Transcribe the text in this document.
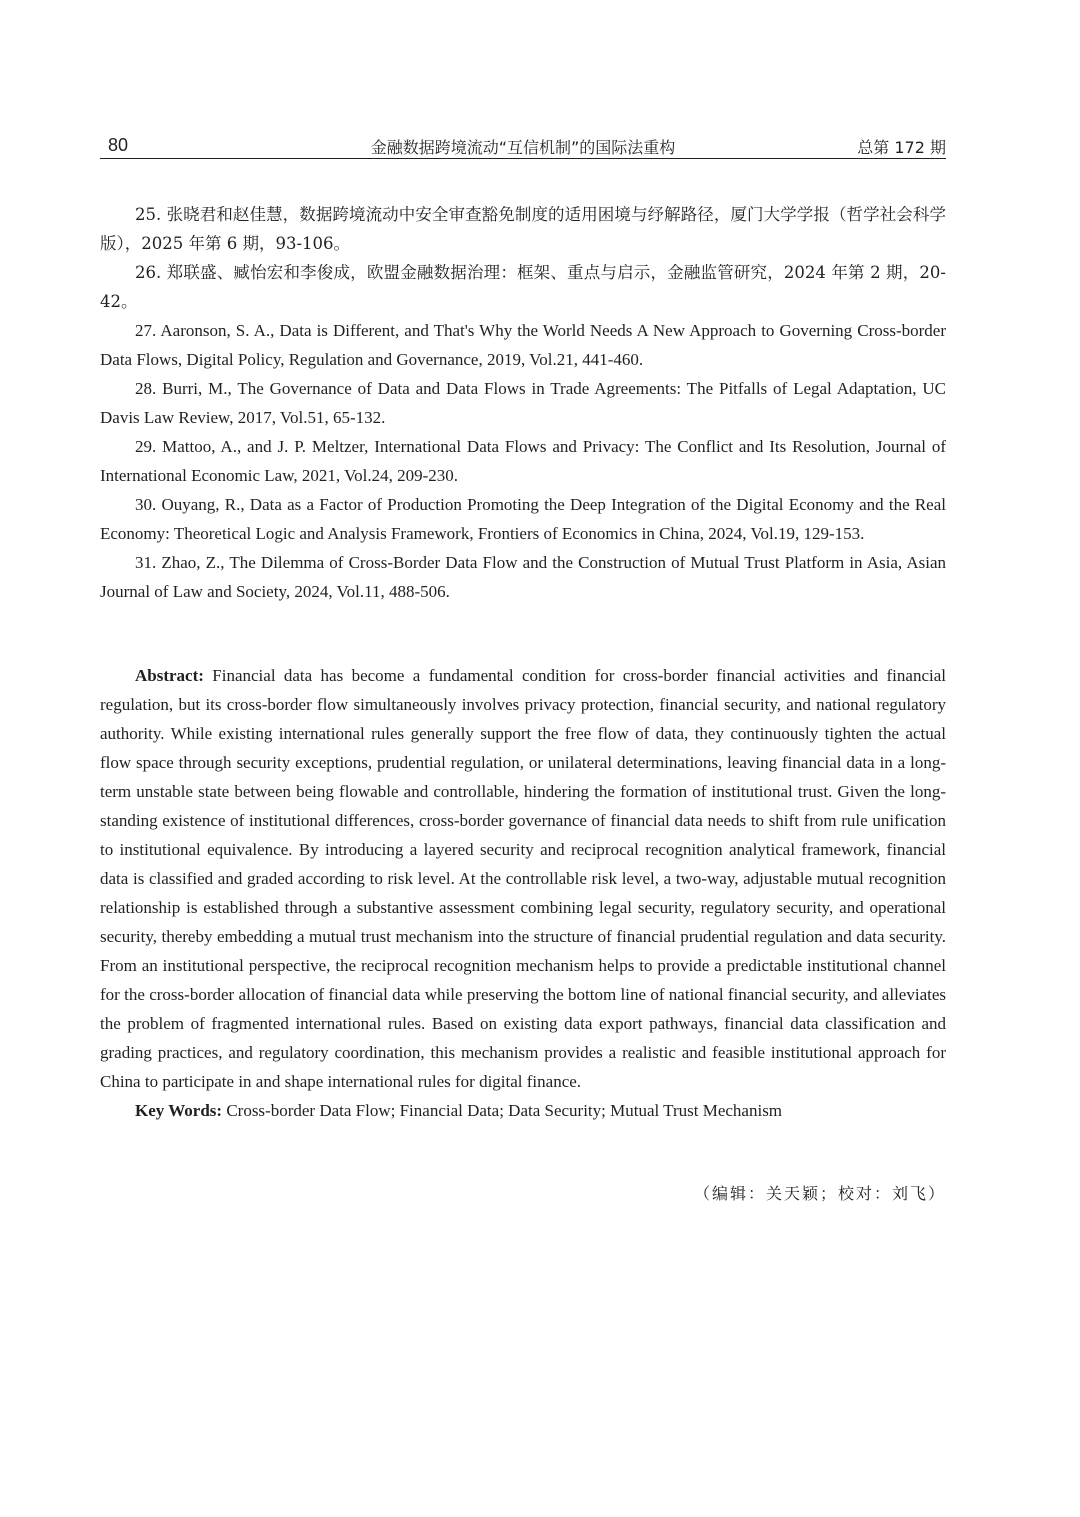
80	金融数据跨境流动“互信机制”的国际法重构	总第 172 期

25. 张晓君和赵佳慧，数据跨境流动中安全审查豁免制度的适用困境与纾解路径，厦门大学学报（哲学社会科学版），2025 年第 6 期，93-106。

26. 郑联盛、臧怡宏和李俊成，欧盟金融数据治理：框架、重点与启示，金融监管研究，2024 年第 2 期，20-42。

27. Aaronson, S. A., Data is Different, and That's Why the World Needs A New Approach to Governing Cross-border Data Flows, Digital Policy, Regulation and Governance, 2019, Vol.21, 441-460.

28. Burri, M., The Governance of Data and Data Flows in Trade Agreements: The Pitfalls of Legal Adaptation, UC Davis Law Review, 2017, Vol.51, 65-132.

29. Mattoo, A., and J. P. Meltzer, International Data Flows and Privacy: The Conflict and Its Resolution, Journal of International Economic Law, 2021, Vol.24, 209-230.

30. Ouyang, R., Data as a Factor of Production Promoting the Deep Integration of the Digital Economy and the Real Economy: Theoretical Logic and Analysis Framework, Frontiers of Economics in China, 2024, Vol.19, 129-153.

31. Zhao, Z., The Dilemma of Cross-Border Data Flow and the Construction of Mutual Trust Platform in Asia, Asian Journal of Law and Society, 2024, Vol.11, 488-506.

Abstract: Financial data has become a fundamental condition for cross-border financial activities and financial regulation, but its cross-border flow simultaneously involves privacy protection, financial security, and national regulatory authority. While existing international rules generally support the free flow of data, they continuously tighten the actual flow space through security exceptions, prudential regulation, or unilateral determinations, leaving financial data in a long-term unstable state between being flowable and controllable, hindering the formation of institutional trust. Given the long-standing existence of institutional differences, cross-border governance of financial data needs to shift from rule unification to institutional equivalence. By introducing a layered security and reciprocal recognition analytical framework, financial data is classified and graded according to risk level. At the controllable risk level, a two-way, adjustable mutual recognition relationship is established through a substantive assessment combining legal security, regulatory security, and operational security, thereby embedding a mutual trust mechanism into the structure of financial prudential regulation and data security. From an institutional perspective, the reciprocal recognition mechanism helps to provide a predictable institutional channel for the cross-border allocation of financial data while preserving the bottom line of national financial security, and alleviates the problem of fragmented international rules. Based on existing data export pathways, financial data classification and grading practices, and regulatory coordination, this mechanism provides a realistic and feasible institutional approach for China to participate in and shape international rules for digital finance.

Key Words: Cross-border Data Flow; Financial Data; Data Security; Mutual Trust Mechanism

（编辑：关天颖；校对：刘飞）
